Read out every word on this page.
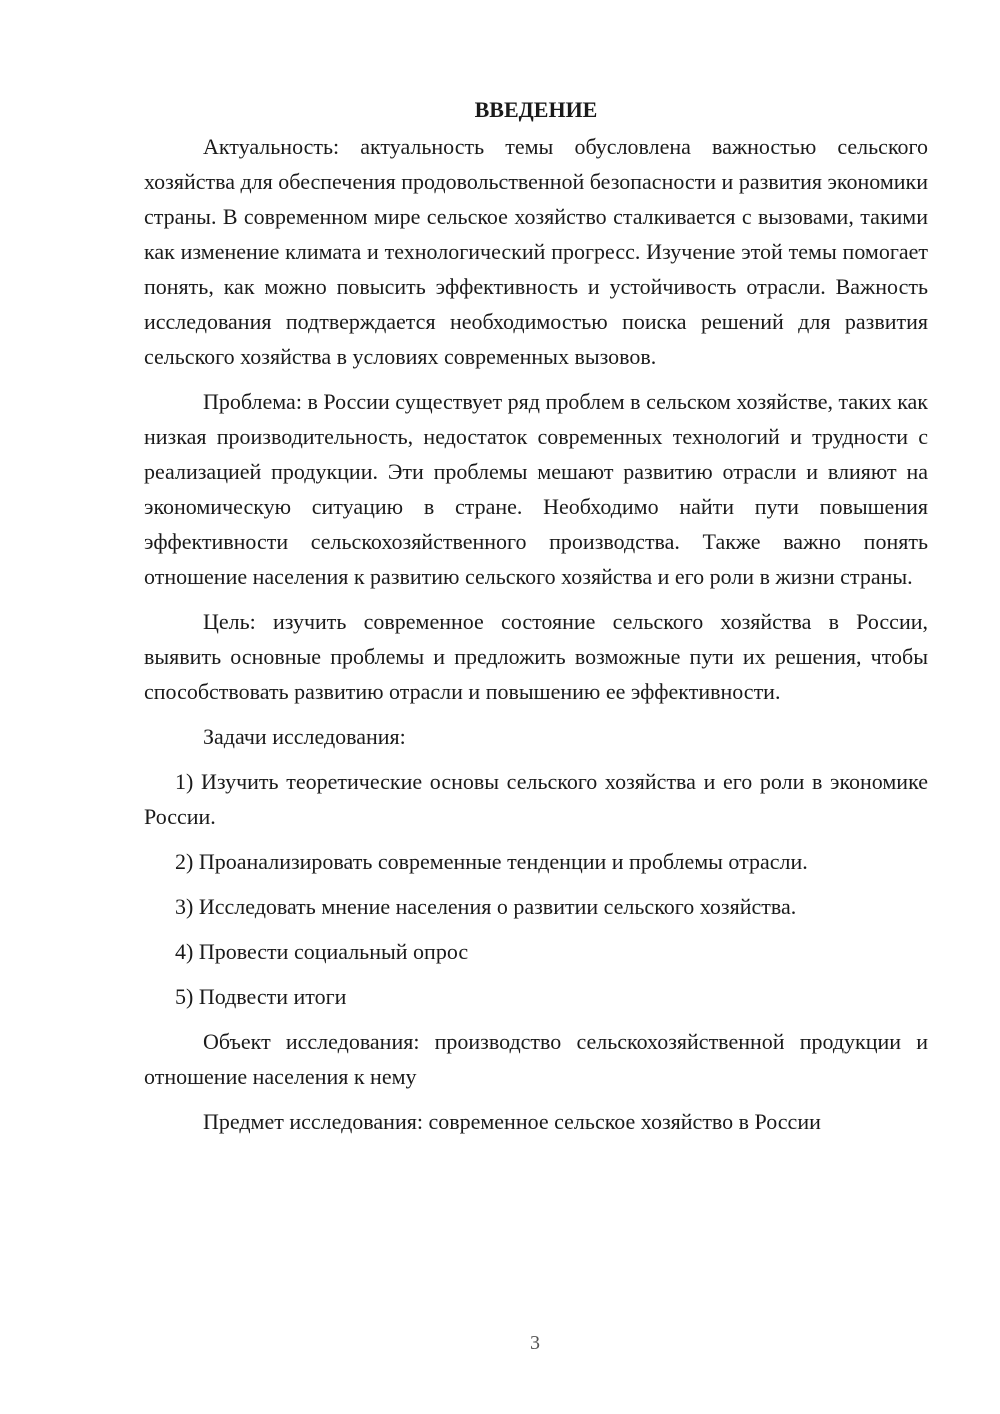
ВВЕДЕНИЕ

Актуальность: актуальность темы обусловлена важностью сельского хозяйства для обеспечения продовольственной безопасности и развития экономики страны. В современном мире сельское хозяйство сталкивается с вызовами, такими как изменение климата и технологический прогресс. Изучение этой темы помогает понять, как можно повысить эффективность и устойчивость отрасли. Важность исследования подтверждается необходимостью поиска решений для развития сельского хозяйства в условиях современных вызовов.

Проблема: в России существует ряд проблем в сельском хозяйстве, таких как низкая производительность, недостаток современных технологий и трудности с реализацией продукции. Эти проблемы мешают развитию отрасли и влияют на экономическую ситуацию в стране. Необходимо найти пути повышения эффективности сельскохозяйственного производства. Также важно понять отношение населения к развитию сельского хозяйства и его роли в жизни страны.

Цель: изучить современное состояние сельского хозяйства в России, выявить основные проблемы и предложить возможные пути их решения, чтобы способствовать развитию отрасли и повышению ее эффективности.

Задачи исследования:

1) Изучить теоретические основы сельского хозяйства и его роли в экономике России.

2) Проанализировать современные тенденции и проблемы отрасли.

3) Исследовать мнение населения о развитии сельского хозяйства.

4) Провести социальный опрос

5) Подвести итоги

Объект исследования: производство сельскохозяйственной продукции и отношение населения к нему

Предмет исследования: современное сельское хозяйство в России

3
